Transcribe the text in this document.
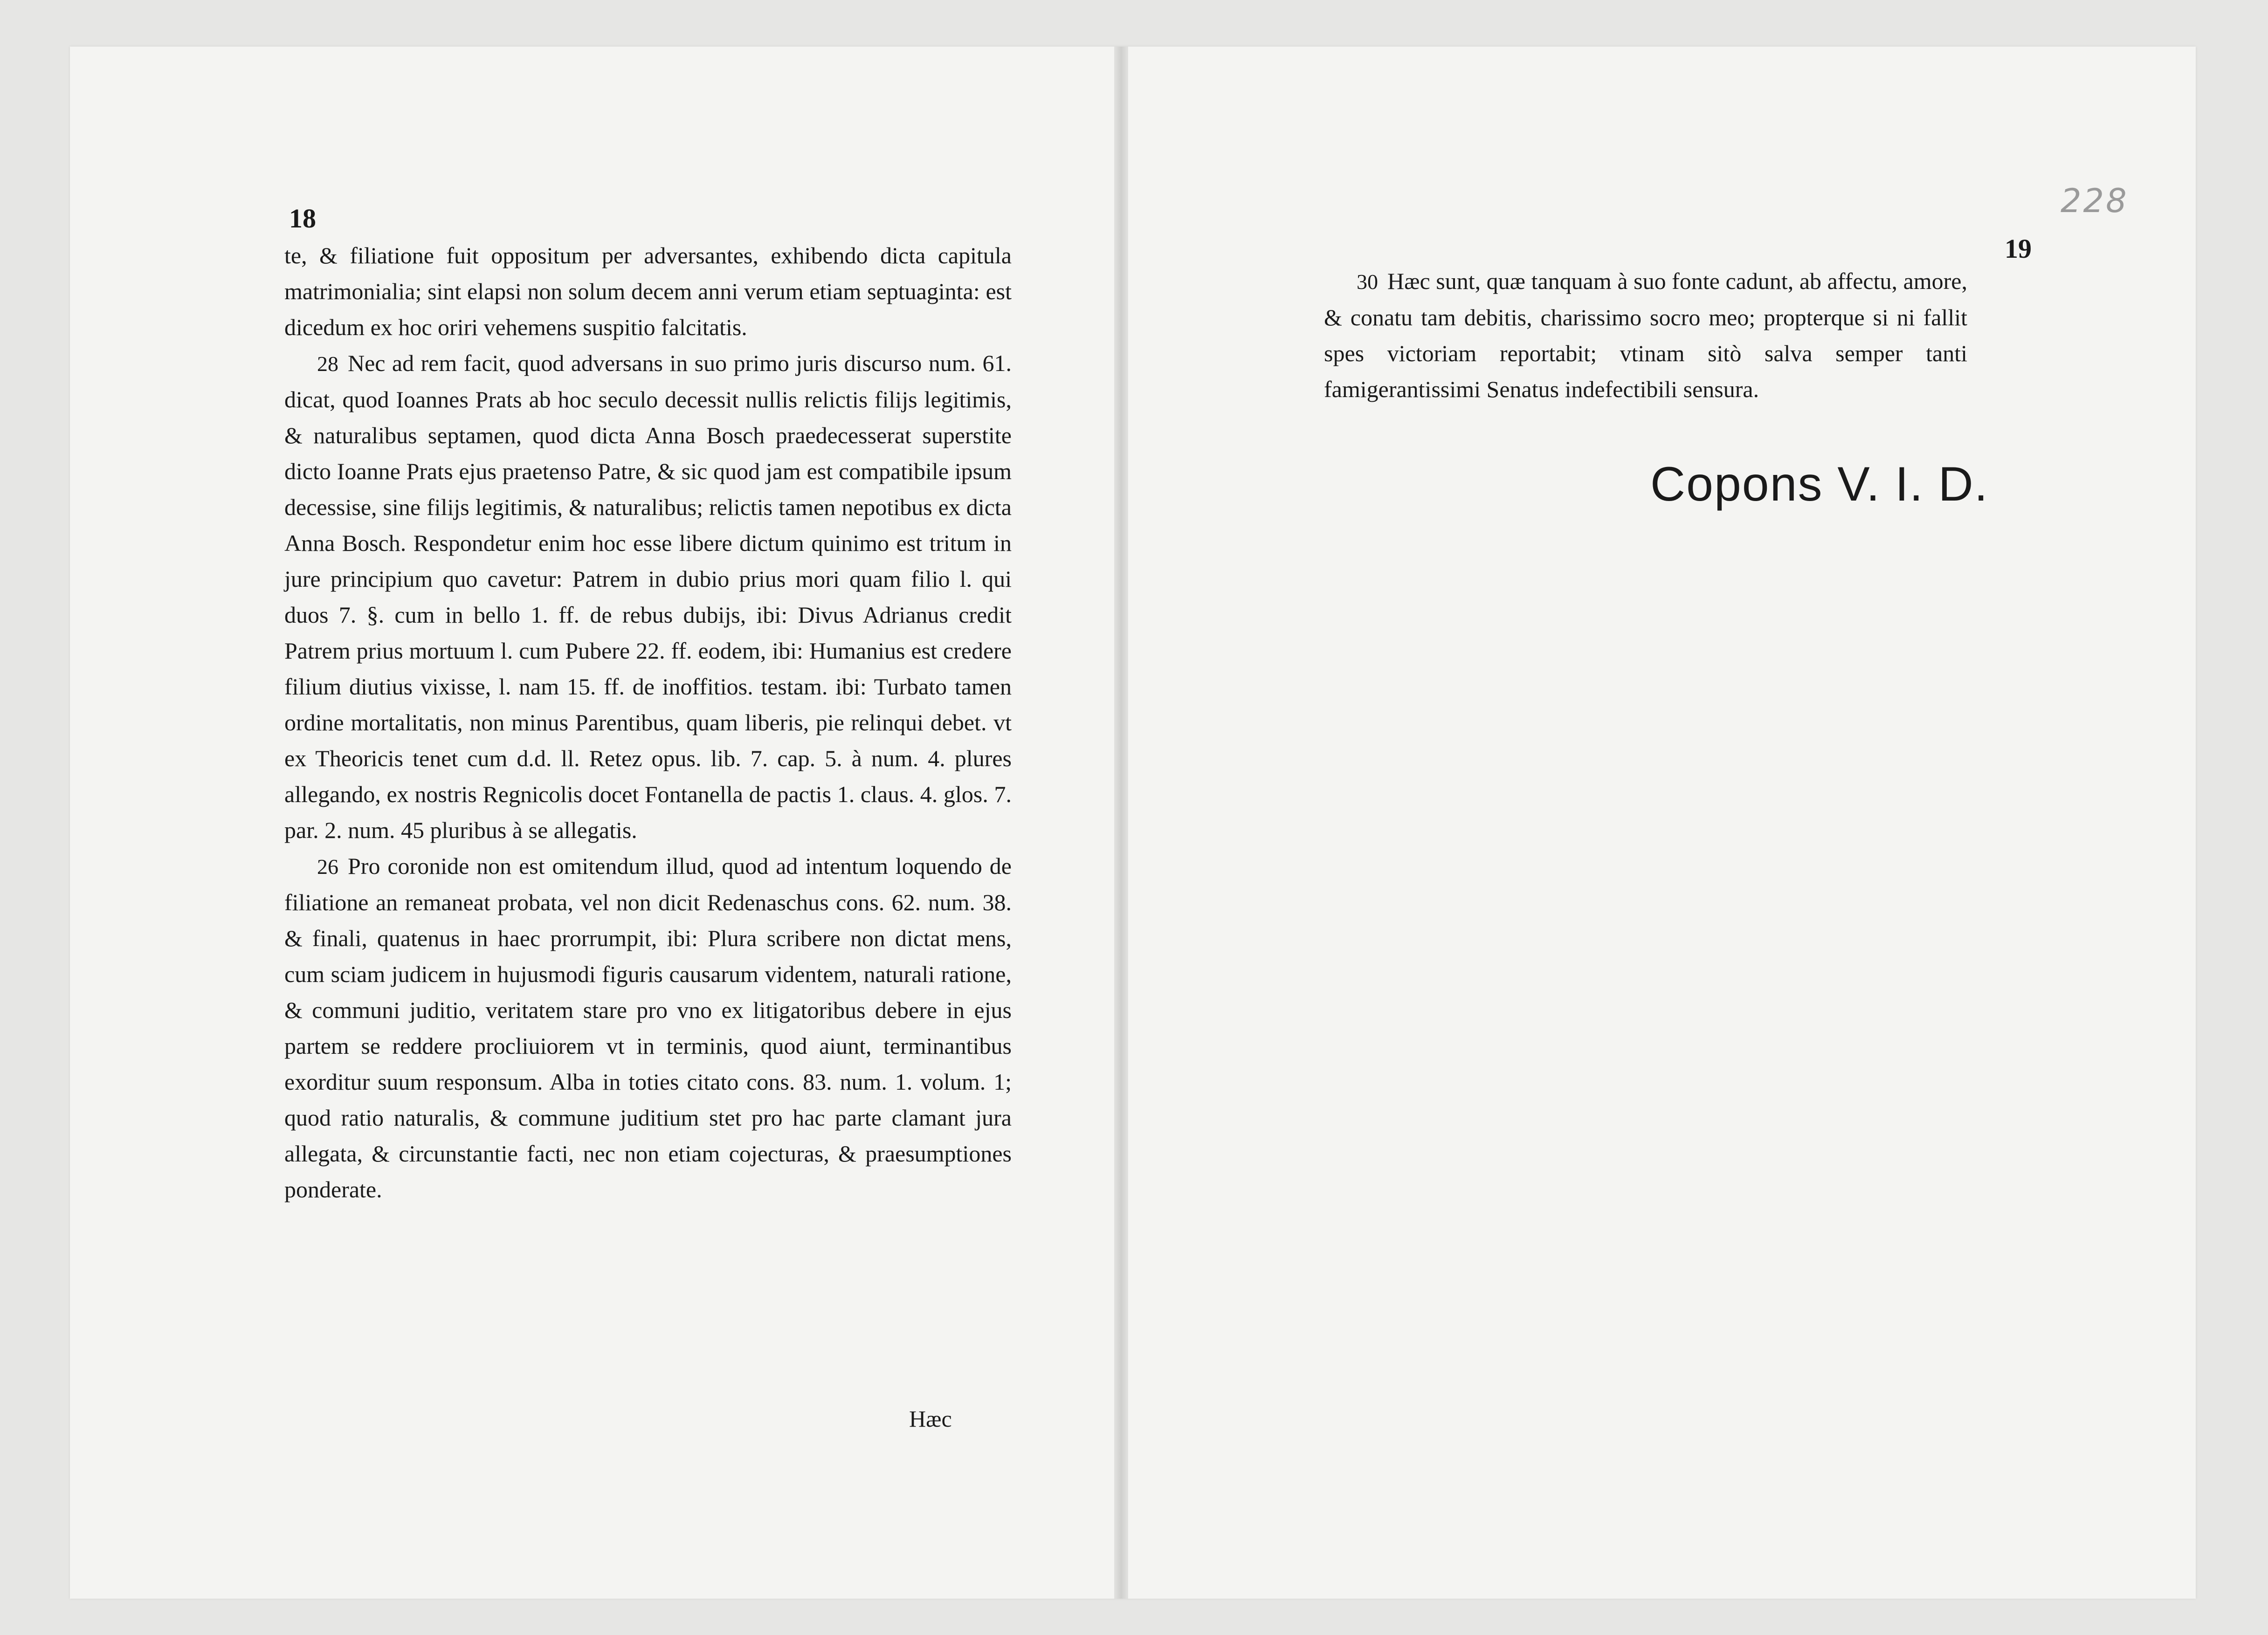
18

te, & filiatione fuit oppositum per adversantes, exhibendo dicta capitula matrimonialia; sint elapsi non solum decem anni verum etiam septuaginta: est dicedum ex hoc oriri vehemens suspitio falcitatis.

28 Nec ad rem facit, quod adversans in suo primo juris discurso num. 61. dicat, quod Ioannes Prats ab hoc seculo decessit nullis relictis filijs legitimis, & naturalibus septamen, quod dicta Anna Bosch praedecesserat superstite dicto Ioanne Prats ejus praetenso Patre, & sic quod jam est compatibile ipsum decessise, sine filijs legitimis, & naturalibus; relictis tamen nepotibus ex dicta Anna Bosch. Respondetur enim hoc esse libere dictum quinimo est tritum in jure principium quo cavetur: Patrem in dubio prius mori quam filio l. qui duos 7. §. cum in bello 1. ff. de rebus dubijs, ibi: Divus Adrianus credit Patrem prius mortuum l. cum Pubere 22. ff. eodem, ibi: Humanius est credere filium diutius vixisse, l. nam 15. ff. de inoffitios. testam. ibi: Turbato tamen ordine mortalitatis, non minus Parentibus, quam liberis, pie relinqui debet. vt ex Theoricis tenet cum d.d. ll. Retez opus. lib. 7. cap. 5. à num. 4. plures allegando, ex nostris Regnicolis docet Fontanella de pactis 1. claus. 4. glos. 7. par. 2. num. 45 pluribus à se allegatis.

26 Pro coronide non est omitendum illud, quod ad intentum loquendo de filiatione an remaneat probata, vel non dicit Redenaschus cons. 62. num. 38. & finali, quatenus in haec prorrumpit, ibi: Plura scribere non dictat mens, cum sciam judicem in hujusmodi figuris causarum videntem, naturali ratione, & communi juditio, veritatem stare pro vno ex litigatoribus debere in ejus partem se reddere procliuiorem vt in terminis, quod aiunt, terminantibus exorditur suum responsum. Alba in toties citato cons. 83. num. 1. volum. 1; quod ratio naturalis, & commune juditium stet pro hac parte clamant jura allegata, & circunstantie facti, nec non etiam cojecturas, & praesumptiones ponderate.

Hæc
228
19

30 Hæc sunt, quæ tanquam à suo fonte cadunt, ab affectu, amore, & conatu tam debitis, charissimo socro meo; propterque si ni fallit spes victoriam reportabit; vtinam sitò salva semper tanti famigerantissimi Senatus indefectibili sensura.

Copons V. I. D.
